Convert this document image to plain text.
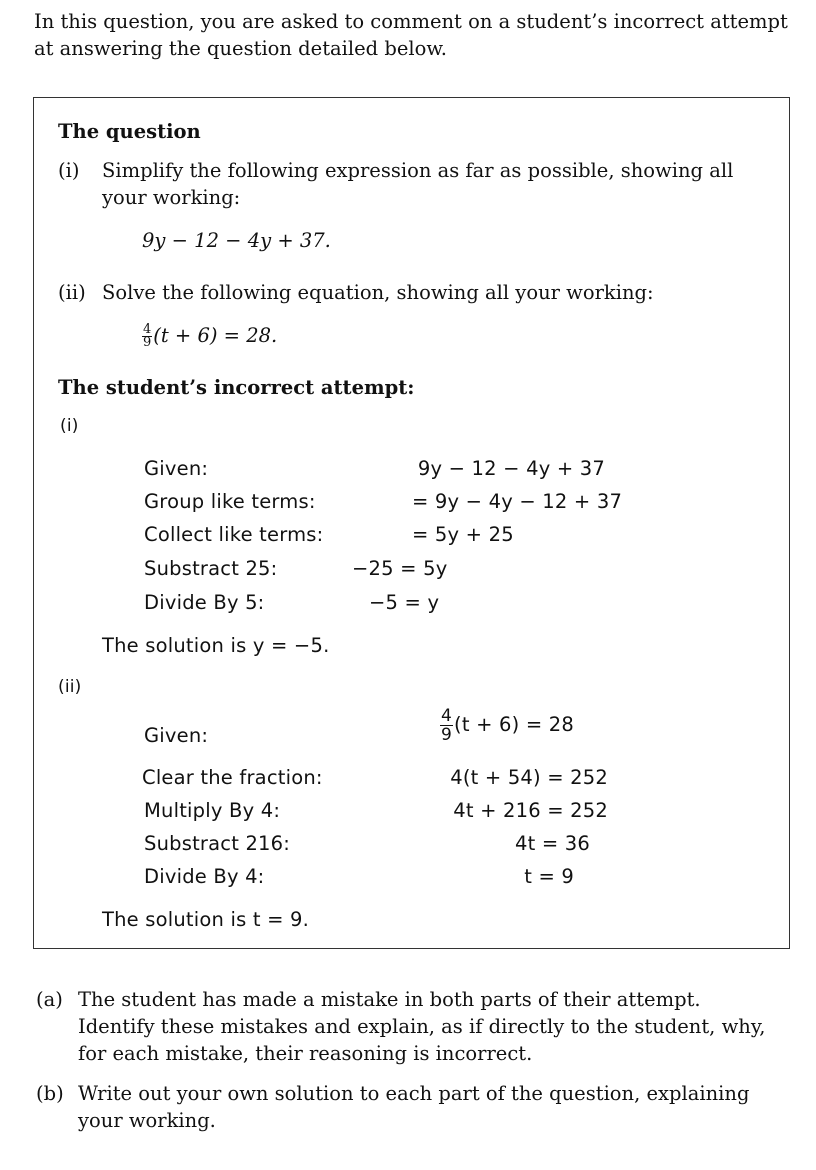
In this question, you are asked to comment on a student’s incorrect attempt at answering the question detailed below.
The question
(i) Simplify the following expression as far as possible, showing all your working:
9y − 12 − 4y + 37.
(ii) Solve the following equation, showing all your working:
$\frac{4}{9} (t + 6) = 28$.
The student’s incorrect attempt:
(i)
Given:	9y − 12 − 4y + 37
Group like terms:	= 9y − 4y − 12 + 37
Collect like terms:	= 5y + 25
Substract 25:	−25 = 5y
Divide By 5:	−5 = y
The solution is y = −5.
(ii)
Given:	$\frac{4}{9} (t + 6) = 28$
Clear the fraction:	4(t + 54) = 252
Multiply By 4:	4t + 216 = 252
Substract 216:	4t = 36
Divide By 4:	t = 9
The solution is t = 9.
(a) The student has made a mistake in both parts of their attempt. Identify these mistakes and explain, as if directly to the student, why, for each mistake, their reasoning is incorrect.
(b) Write out your own solution to each part of the question, explaining your working.
